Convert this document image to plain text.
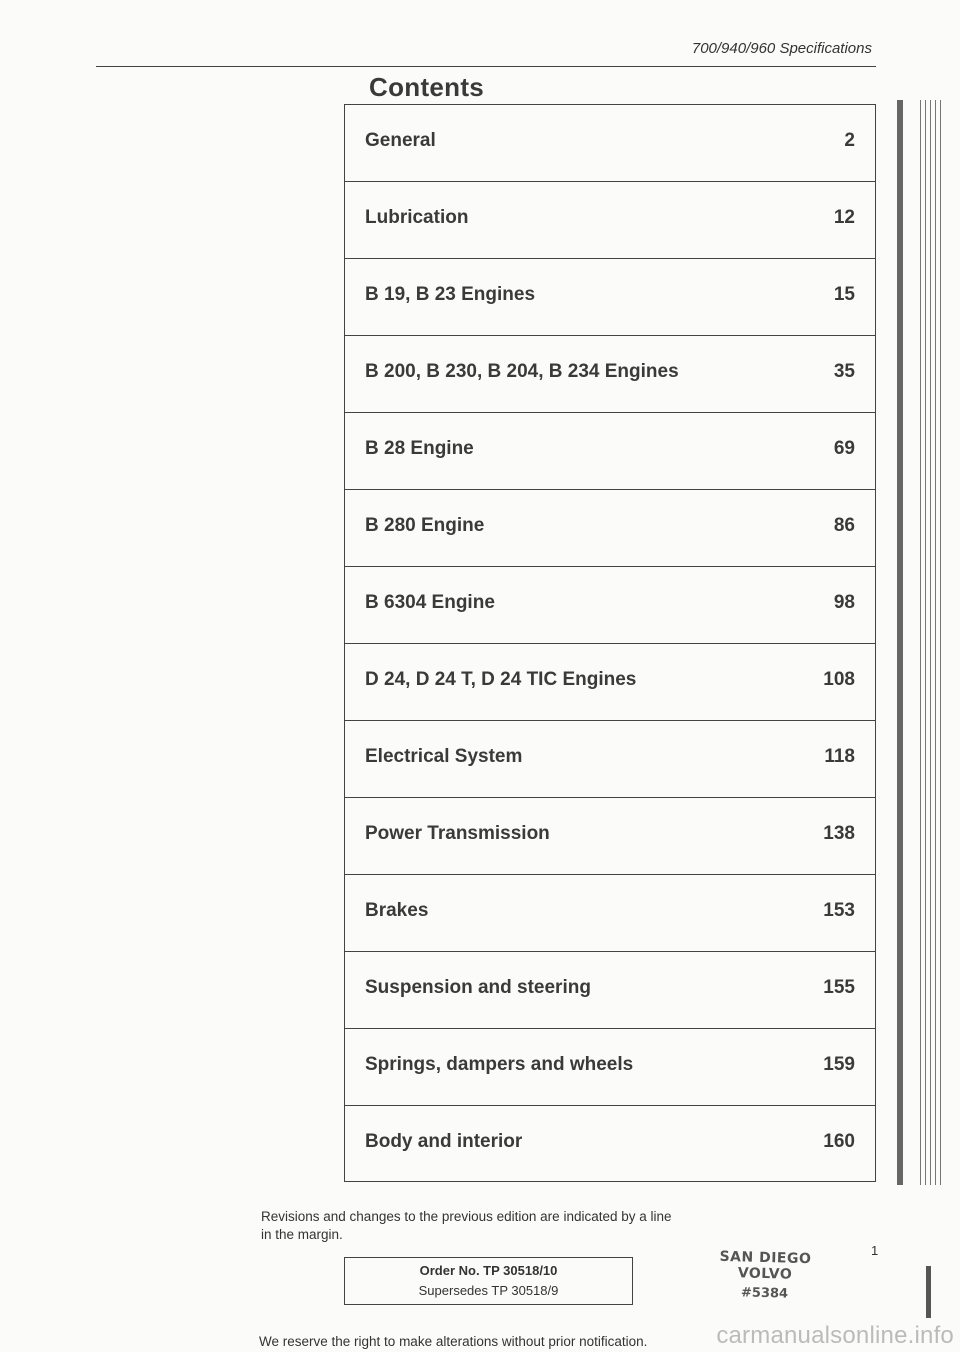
700/940/960 Specifications
Contents
General	2
Lubrication	12
B 19, B 23 Engines	15
B 200, B 230, B 204, B 234 Engines	35
B 28 Engine	69
B 280 Engine	86
B 6304 Engine	98
D 24, D 24 T, D 24 TIC Engines	108
Electrical System	118
Power Transmission	138
Brakes	153
Suspension and steering	155
Springs, dampers and wheels	159
Body and interior	160
Revisions and changes to the previous edition are indicated by a line in the margin.
Order No. TP 30518/10
Supersedes TP 30518/9
SAN DIEGO VOLVO
#5384
1
We reserve the right to make alterations without prior notification.	carmanualsonline.info
